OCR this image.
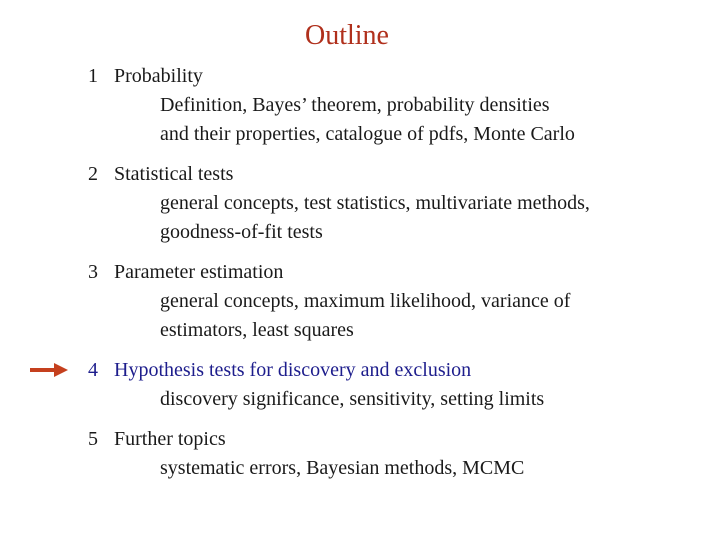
Outline
1 Probability
Definition, Bayes’ theorem, probability densities
and their properties, catalogue of pdfs, Monte Carlo
2 Statistical tests
general concepts, test statistics, multivariate methods,
goodness-of-fit tests
3 Parameter estimation
general concepts, maximum likelihood, variance of
estimators, least squares
4 Hypothesis tests for discovery and exclusion
discovery significance, sensitivity, setting limits
5 Further topics
systematic errors, Bayesian methods, MCMC
